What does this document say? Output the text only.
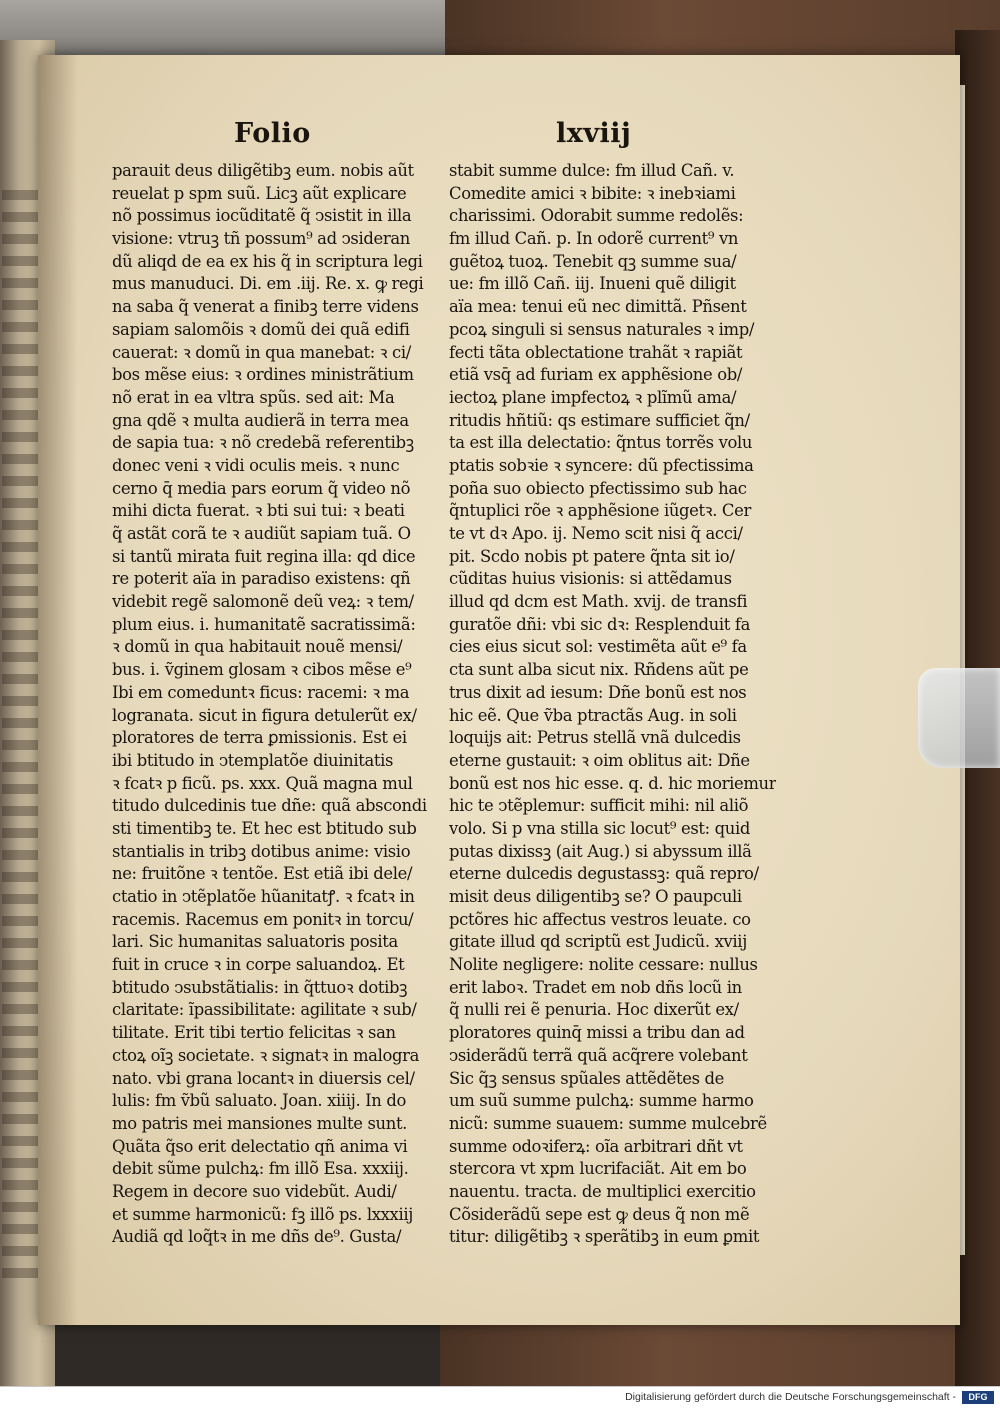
Folio	lxviij
parauit deus diligẽtibꝫ eum. nobis aũt
reuelat p spm suũ. Licꝫ aũt explicare
nõ possimus iocũditatẽ q̃ ↄsistit in illa
visione: vtruꝫ tñ possum⁹ ad ↄsideran
dũ aliqd de ea ex his q̃ in scriptura legi
mus manuduci. Di. em .iij. Re. x. ꝙ regi
na saba q̃ venerat a finibꝫ terre videns
sapiam salomõis ꝛ domũ dei quã edifi
cauerat: ꝛ domũ in qua manebat: ꝛ ci/
bos mẽse eius: ꝛ ordines ministrãtium
nõ erat in ea vltra spũs. sed ait: Ma
gna qdẽ ꝛ multa audierã in terra mea
de sapia tua: ꝛ nõ credebã referentibꝫ
donec veni ꝛ vidi oculis meis. ꝛ nunc
cerno q̄ media pars eorum q̃ video nõ
mihi dicta fuerat. ꝛ bti sui tui: ꝛ beati
q̃ astãt corã te ꝛ audiũt sapiam tuã. O
si tantũ mirata fuit regina illa: qd dice
re poterit aïa in paradiso existens: qñ
videbit regẽ salomonẽ deũ veꝝ: ꝛ tem/
plum eius. i. humanitatẽ sacratissimã:
ꝛ domũ in qua habitauit nouẽ mensi/
bus. i. ṽginem glosam ꝛ cibos mẽse e⁹
Ibi em comeduntꝛ ficus: racemi: ꝛ ma
logranata. sicut in figura detulerũt ex/
ploratores de terra ꝑmissionis. Est ei
ibi btitudo in ↄtemplatõe diuinitatis
ꝛ fcatꝛ p ficũ. ps. xxx. Quã magna mul
titudo dulcedinis tue dñe: quã abscondi
sti timentibꝫ te. Et hec est btitudo sub
stantialis in tribꝫ dotibus anime: visio
ne: fruitõne ꝛ tentõe. Est etiã ibi dele/
ctatio in ↄtẽplatõe hũanitatꝭ. ꝛ fcatꝛ in
racemis. Racemus em ponitꝛ in torcu/
lari. Sic humanitas saluatoris posita
fuit in cruce ꝛ in corpe saluandoꝝ. Et
btitudo ↄsubstãtialis: in q̃ttuoꝛ dotibꝫ
claritate: ĩpassibilitate: agilitate ꝛ sub/
tilitate. Erit tibi tertio felicitas ꝛ san
ctoꝝ oĩꝫ societate. ꝛ signatꝛ in malogra
nato. vbi grana locantꝛ in diuersis cel/
lulis: fm ṽbũ saluato. Joan. xiiij. In do
mo patris mei mansiones multe sunt.
Quãta q̃so erit delectatio qñ anima vi
debit sũme pulchꝝ: fm illõ Esa. xxxiij.
Regem in decore suo videbũt. Audi/
et summe harmonicũ: fꝫ illõ ps. lxxxiij
Audiã qd loq̃tꝛ in me dñs de⁹. Gusta/
stabit summe dulce: fm illud Cañ. v.
Comedite amici ꝛ bibite: ꝛ inebꝛiami
charissimi. Odorabit summe redolẽs:
fm illud Cañ. p. In odorẽ current⁹ vn
guẽtoꝝ tuoꝝ. Tenebit qꝫ summe sua/
ue: fm illõ Cañ. iij. Inueni quẽ diligit
aïa mea: tenui eũ nec dimittã. Pñsent
pcoꝝ singuli si sensus naturales ꝛ imp/
fecti tãta oblectatione trahãt ꝛ rapiãt
etiã vsq̄ ad furiam ex apphẽsione ob/
iectoꝝ plane impfectoꝝ ꝛ plĩmũ ama/
ritudis hñtiũ: qs estimare sufficiet q̃n/
ta est illa delectatio: q̃ntus torrẽs volu
ptatis sobꝛie ꝛ syncere: dũ pfectissima
poña suo obiecto pfectissimo sub hac
q̃ntuplici rõe ꝛ apphẽsione iũgetꝛ. Cer
te vt dꝛ Apo. ij. Nemo scit nisi q̃ acci/
pit. Scdo nobis pt patere q̃nta sit io/
cũditas huius visionis: si attẽdamus
illud qd dcm est Math. xvij. de transfi
guratõe dñi: vbi sic dꝛ: Resplenduit fa
cies eius sicut sol: vestimẽta aũt e⁹ fa
cta sunt alba sicut nix. Rñdens aũt pe
trus dixit ad iesum: Dñe bonũ est nos
hic eẽ. Que ṽba ptractãs Aug. in soli
loquijs ait: Petrus stellã vnã dulcedis
eterne gustauit: ꝛ oim oblitus ait: Dñe
bonũ est nos hic esse. q. d. hic moriemur
hic te ↄtẽplemur: sufficit mihi: nil aliõ
volo. Si p vna stilla sic locut⁹ est: quid
putas dixissꝫ (ait Aug.) si abyssum illã
eterne dulcedis degustassꝫ: quã repro/
misit deus diligentibꝫ se? O paupculi
pctõres hic affectus vestros leuate. co
gitate illud qd scriptũ est Judicũ. xviij
Nolite negligere: nolite cessare: nullus
erit laboꝛ. Tradet em nob dñs locũ in
q̃ nulli rei ẽ penuria. Hoc dixerũt ex/
ploratores quinq̄ missi a tribu dan ad
ↄsiderãdũ terrã quã acq̃rere volebant
Sic q̃ꝫ sensus spũales attẽdẽtes de
um suũ summe pulchꝝ: summe harmo
nicũ: summe suauem: summe mulcebrẽ
summe odoꝛiferꝝ: oĩa arbitrari dñt vt
stercora vt xpm lucrifaciãt. Ait em bo
nauentu. tracta. de multiplici exercitio
Cõsiderãdũ sepe est ꝙ deus q̃ non mẽ
titur: diligẽtibꝫ ꝛ sperãtibꝫ in eum ꝑmit
Digitalisierung gefördert durch die Deutsche Forschungsgemeinschaft -	DFG
